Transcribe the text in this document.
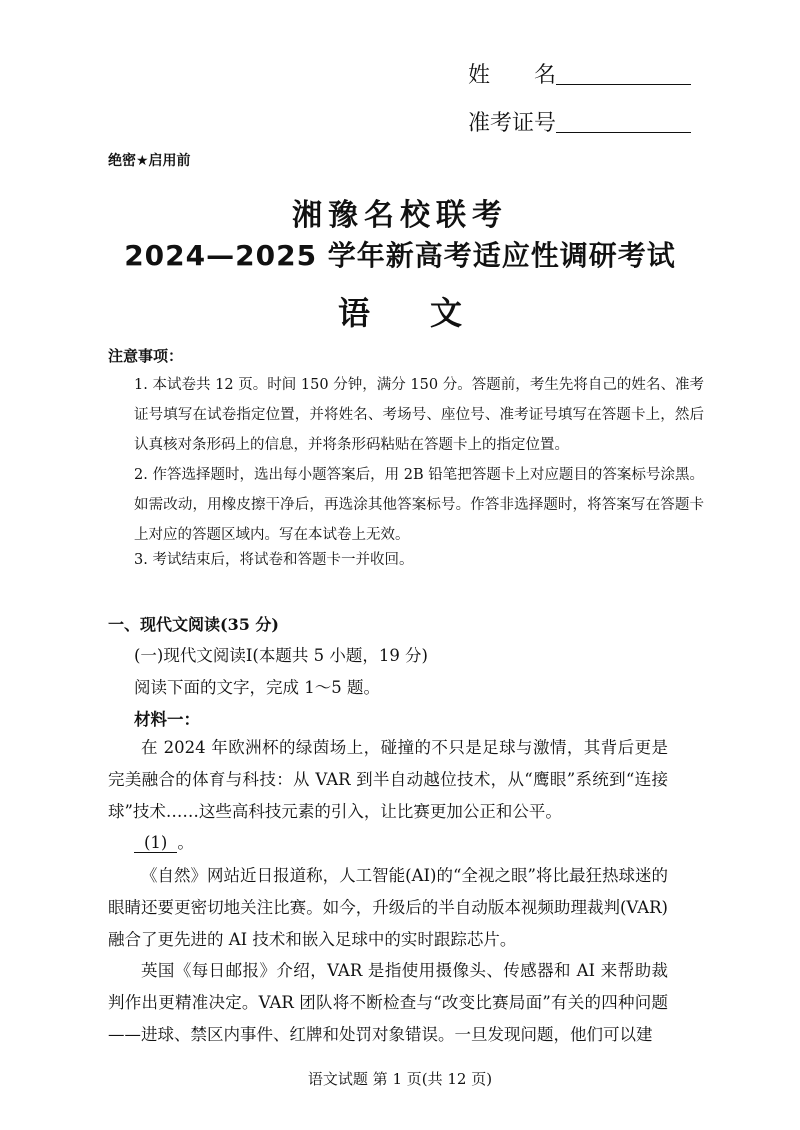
姓　　名
准考证号
绝密★启用前
湘豫名校联考
2024—2025 学年新高考适应性调研考试
语文
注意事项：
1. 本试卷共 12 页。时间 150 分钟，满分 150 分。答题前，考生先将自己的姓名、准考证号填写在试卷指定位置，并将姓名、考场号、座位号、准考证号填写在答题卡上，然后认真核对条形码上的信息，并将条形码粘贴在答题卡上的指定位置。
2. 作答选择题时，选出每小题答案后，用 2B 铅笔把答题卡上对应题目的答案标号涂黑。如需改动，用橡皮擦干净后，再选涂其他答案标号。作答非选择题时，将答案写在答题卡上对应的答题区域内。写在本试卷上无效。
3. 考试结束后，将试卷和答题卡一并收回。
一、现代文阅读(35 分)
(一)现代文阅读Ⅰ(本题共 5 小题，19 分)
阅读下面的文字，完成 1～5 题。
材料一：
在 2024 年欧洲杯的绿茵场上，碰撞的不只是足球与激情，其背后更是完美融合的体育与科技：从 VAR 到半自动越位技术，从“鹰眼”系统到“连接球”技术……这些高科技元素的引入，让比赛更加公正和公平。
(1) 。
《自然》网站近日报道称，人工智能(AI)的“全视之眼”将比最狂热球迷的眼睛还要更密切地关注比赛。如今，升级后的半自动版本视频助理裁判(VAR)融合了更先进的 AI 技术和嵌入足球中的实时跟踪芯片。
英国《每日邮报》介绍，VAR 是指使用摄像头、传感器和 AI 来帮助裁判作出更精准决定。VAR 团队将不断检查与“改变比赛局面”有关的四种问题——进球、禁区内事件、红牌和处罚对象错误。一旦发现问题，他们可以建
语文试题 第 1 页(共 12 页)
